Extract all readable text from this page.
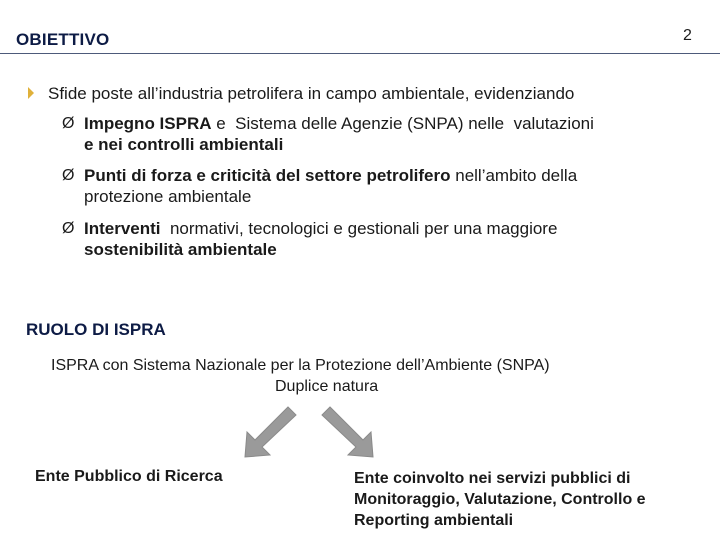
OBIETTIVO	2
Sfide poste all’industria petrolifera in campo ambientale, evidenziando
Ø Impegno ISPRA e  Sistema delle Agenzie (SNPA) nelle  valutazioni
e nei controlli ambientali
Ø Punti di forza e criticità del settore petrolifero nell’ambito della
protezione ambientale
Ø Interventi  normativi, tecnologici e gestionali per una maggiore
sostenibilità ambientale
RUOLO DI ISPRA
ISPRA con Sistema Nazionale per la Protezione dell’Ambiente (SNPA)
Duplice natura
Ente Pubblico di Ricerca	Ente coinvolto nei servizi pubblici di
Monitoraggio, Valutazione, Controllo e
Reporting ambientali
